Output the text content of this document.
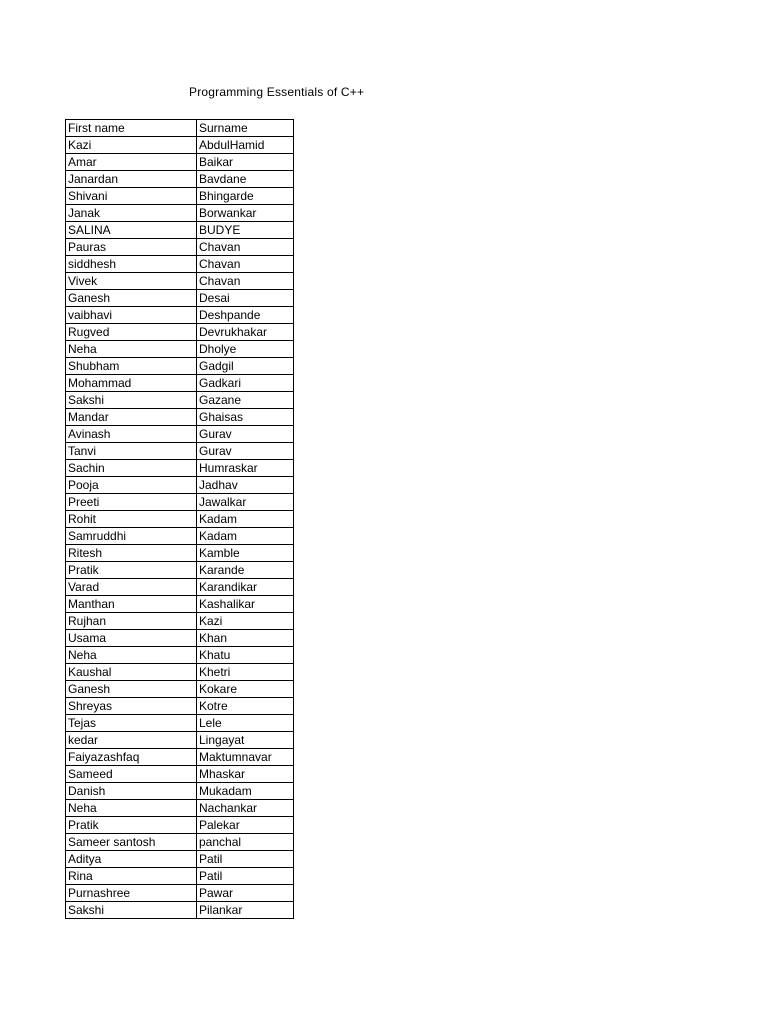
Programming Essentials of C++
First name	Surname
Kazi	AbdulHamid
Amar	Baikar
Janardan	Bavdane
Shivani	Bhingarde
Janak	Borwankar
SALINA	BUDYE
Pauras	Chavan
siddhesh	Chavan
Vivek	Chavan
Ganesh	Desai
vaibhavi	Deshpande
Rugved	Devrukhakar
Neha	Dholye
Shubham	Gadgil
Mohammad	Gadkari
Sakshi	Gazane
Mandar	Ghaisas
Avinash	Gurav
Tanvi	Gurav
Sachin	Humraskar
Pooja	Jadhav
Preeti	Jawalkar
Rohit	Kadam
Samruddhi	Kadam
Ritesh	Kamble
Pratik	Karande
Varad	Karandikar
Manthan	Kashalikar
Rujhan	Kazi
Usama	Khan
Neha	Khatu
Kaushal	Khetri
Ganesh	Kokare
Shreyas	Kotre
Tejas	Lele
kedar	Lingayat
Faiyazashfaq	Maktumnavar
Sameed	Mhaskar
Danish	Mukadam
Neha	Nachankar
Pratik	Palekar
Sameer santosh	panchal
Aditya	Patil
Rina	Patil
Purnashree	Pawar
Sakshi	Pilankar
